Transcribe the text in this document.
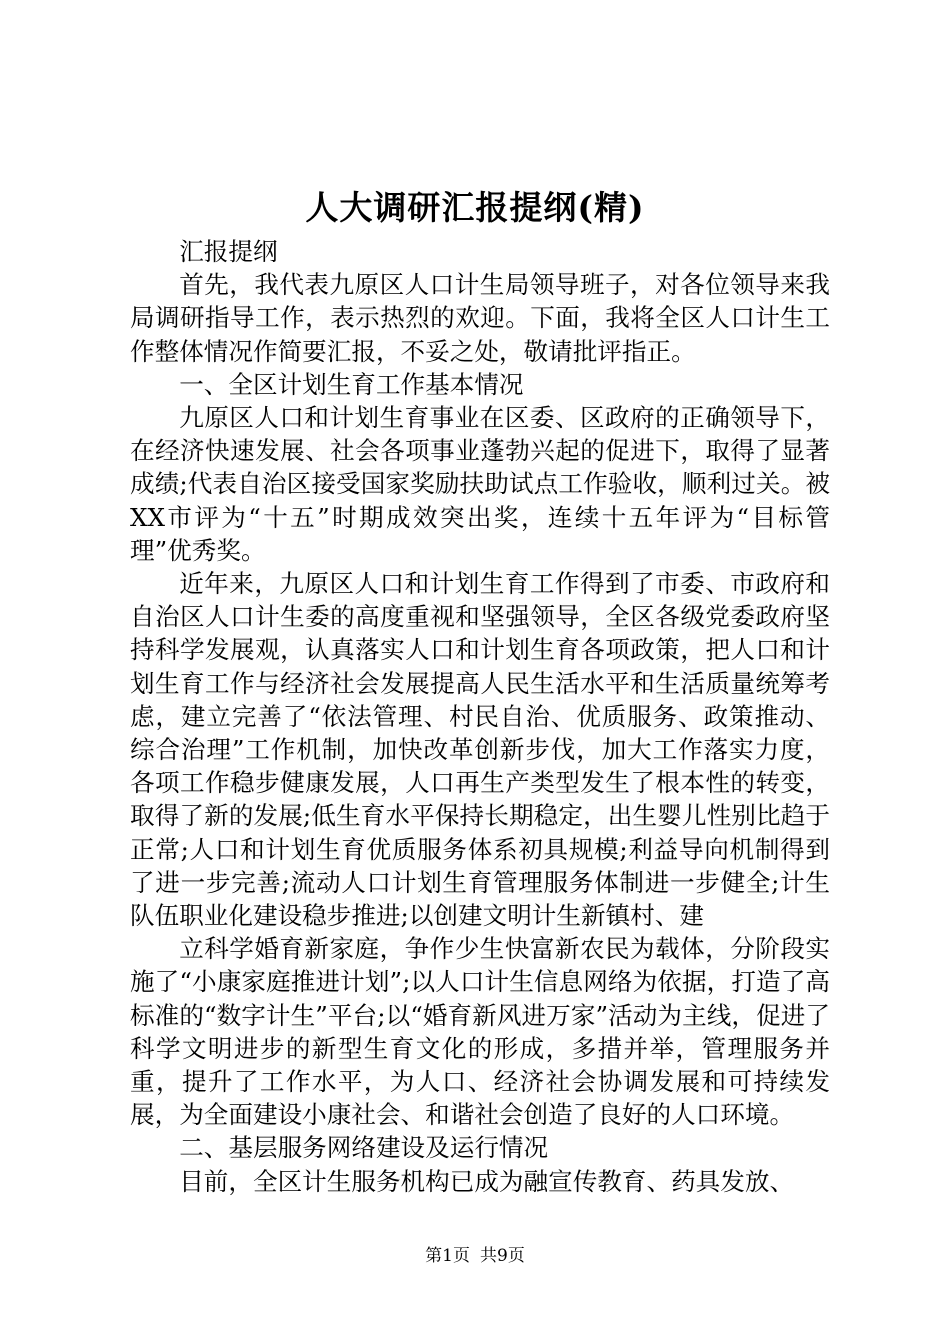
人大调研汇报提纲(精)

汇报提纲

首先，我代表九原区人口计生局领导班子，对各位领导来我局调研指导工作，表示热烈的欢迎。下面，我将全区人口计生工作整体情况作简要汇报，不妥之处，敬请批评指正。

一、全区计划生育工作基本情况

九原区人口和计划生育事业在区委、区政府的正确领导下，在经济快速发展、社会各项事业蓬勃兴起的促进下，取得了显著成绩;代表自治区接受国家奖励扶助试点工作验收，顺利过关。被XX市评为“十五”时期成效突出奖，连续十五年评为“目标管理”优秀奖。

近年来，九原区人口和计划生育工作得到了市委、市政府和自治区人口计生委的高度重视和坚强领导，全区各级党委政府坚持科学发展观，认真落实人口和计划生育各项政策，把人口和计划生育工作与经济社会发展提高人民生活水平和生活质量统筹考虑，建立完善了“依法管理、村民自治、优质服务、政策推动、综合治理”工作机制，加快改革创新步伐，加大工作落实力度，各项工作稳步健康发展，人口再生产类型发生了根本性的转变，取得了新的发展;低生育水平保持长期稳定，出生婴儿性别比趋于正常;人口和计划生育优质服务体系初具规模;利益导向机制得到了进一步完善;流动人口计划生育管理服务体制进一步健全;计生队伍职业化建设稳步推进;以创建文明计生新镇村、建

立科学婚育新家庭，争作少生快富新农民为载体，分阶段实施了“小康家庭推进计划”;以人口计生信息网络为依据，打造了高标准的“数字计生”平台;以“婚育新风进万家”活动为主线，促进了科学文明进步的新型生育文化的形成，多措并举，管理服务并重，提升了工作水平，为人口、经济社会协调发展和可持续发展，为全面建设小康社会、和谐社会创造了良好的人口环境。

二、基层服务网络建设及运行情况

目前，全区计生服务机构已成为融宣传教育、药具发放、

第1页 共9页
